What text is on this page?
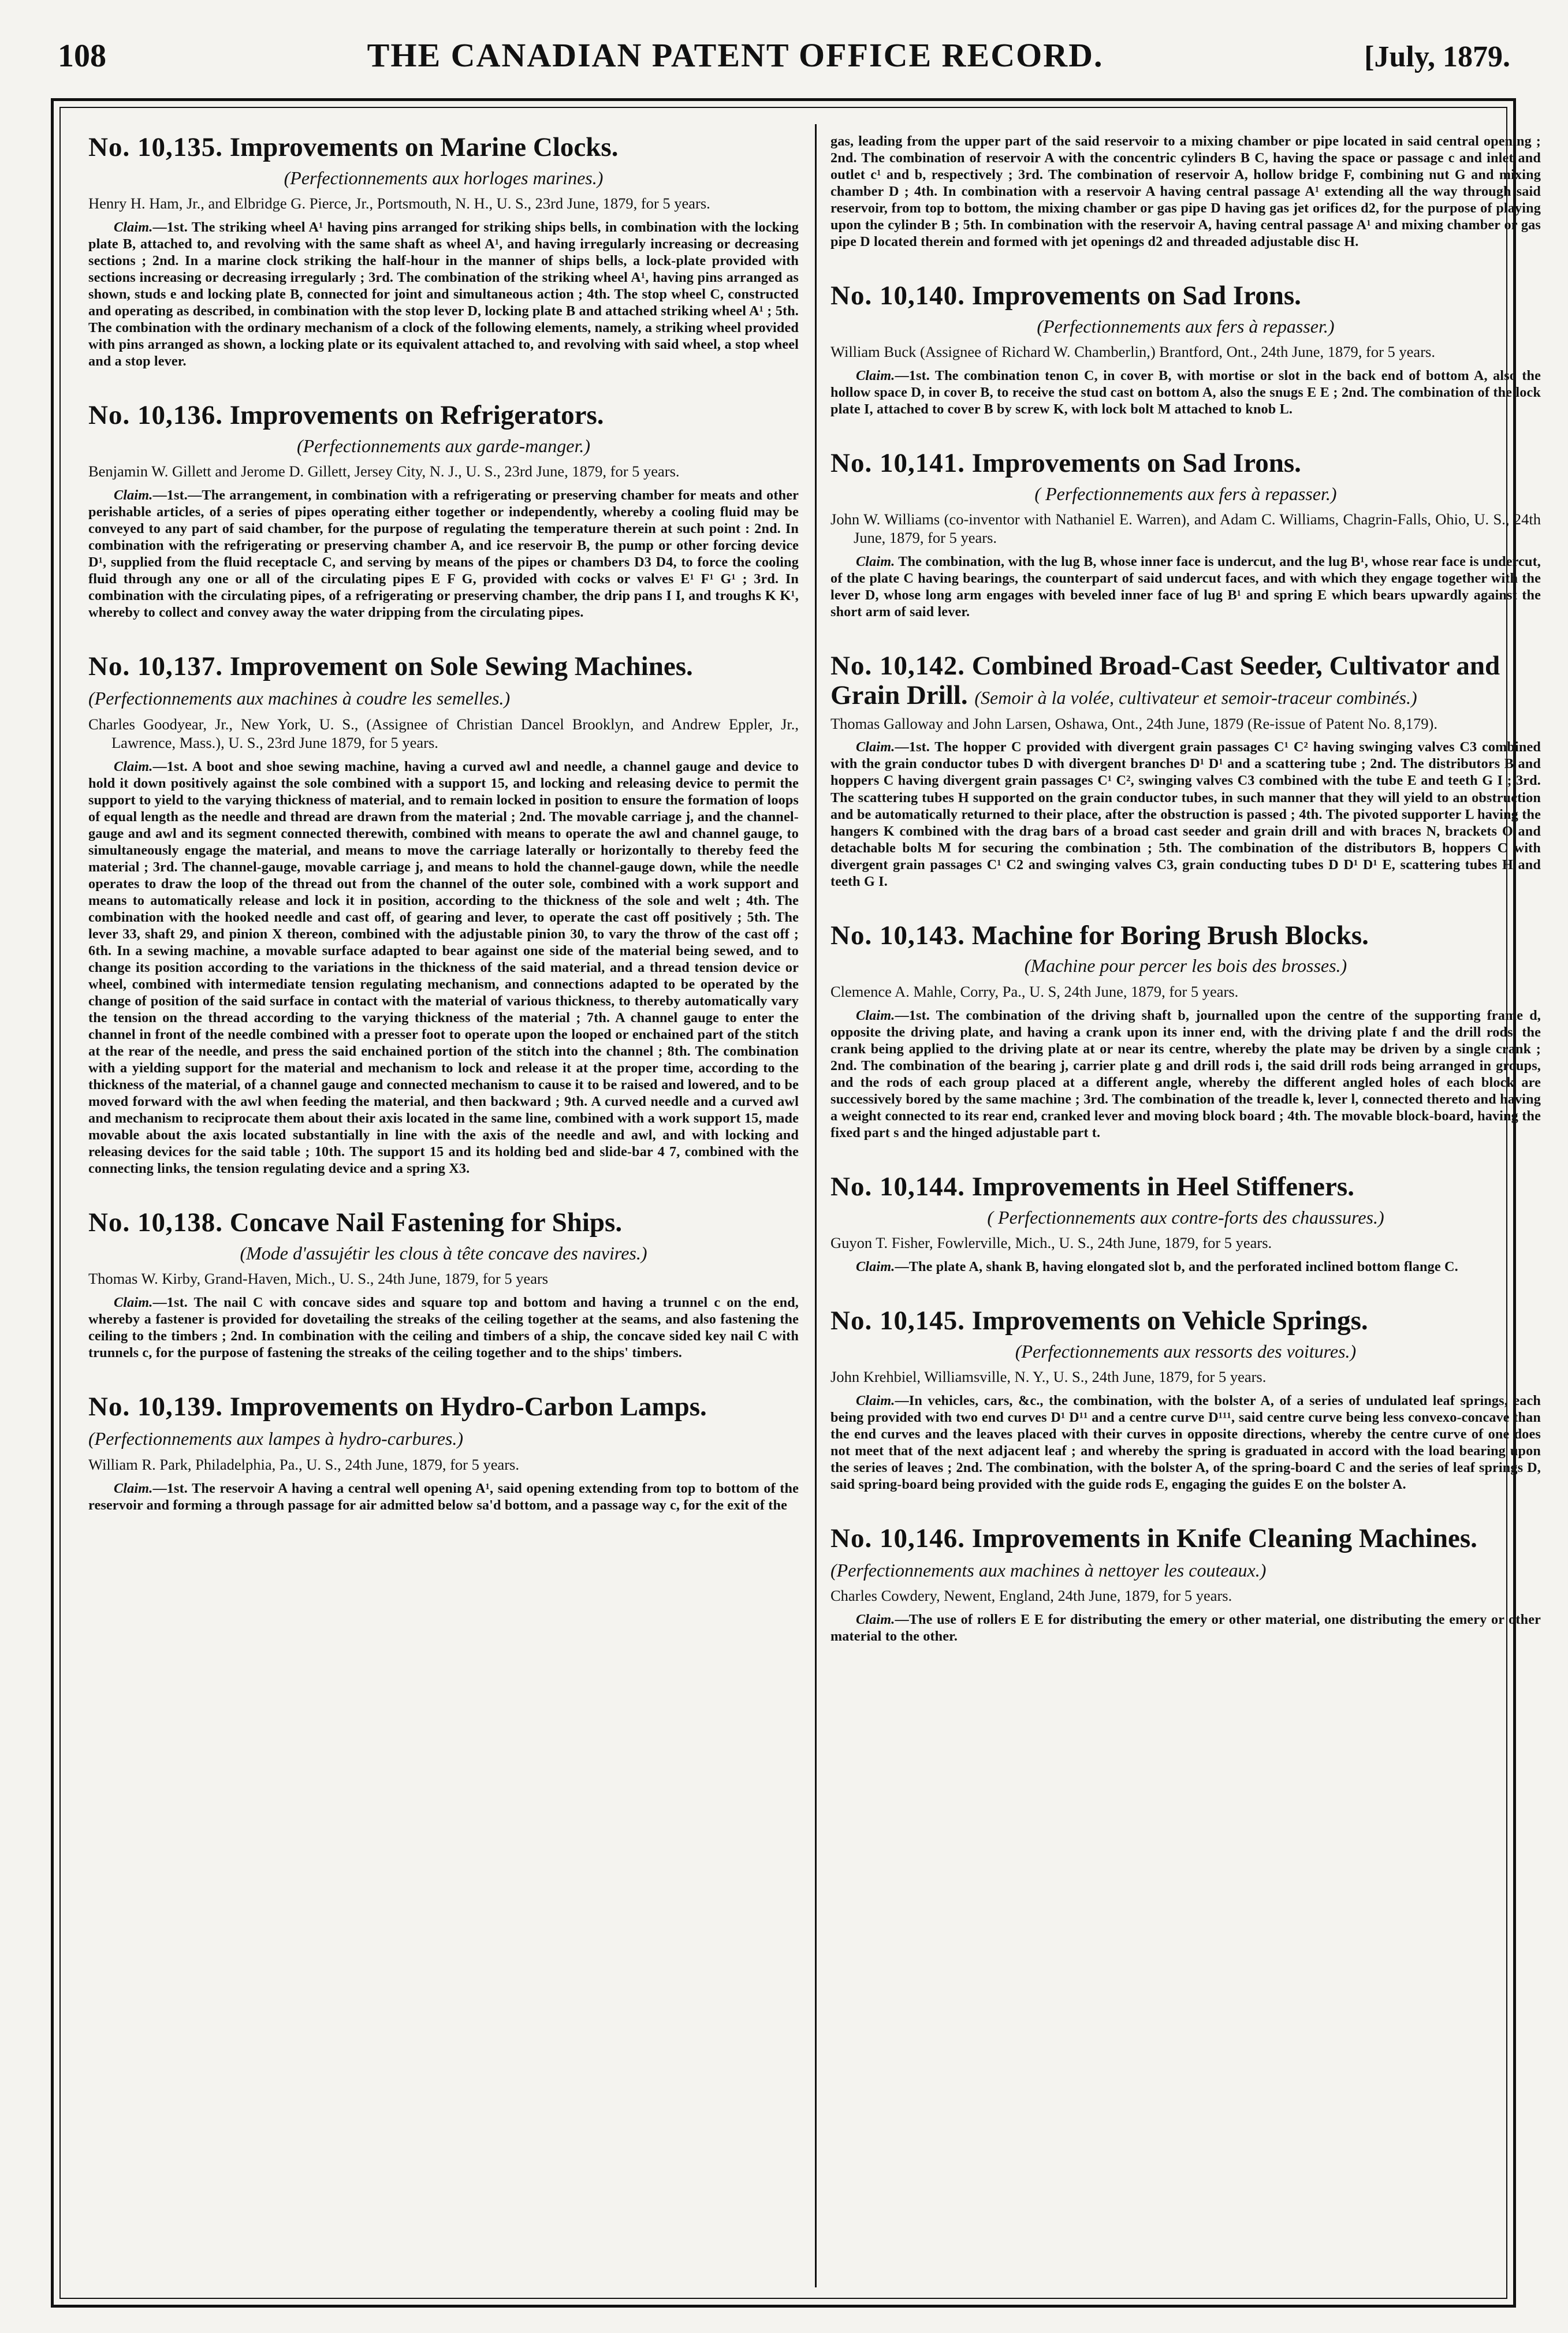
108	THE CANADIAN PATENT OFFICE RECORD.	[July, 1879.
No. 10,135. Improvements on Marine Clocks.
(Perfectionnements aux horloges marines.)

Henry H. Ham, Jr., and Elbridge G. Pierce, Jr., Portsmouth, N. H., U. S., 23rd June, 1879, for 5 years.

Claim.—1st. The striking wheel A¹ having pins arranged for striking ships bells, in combination with the locking plate B, attached to, and revolving with the same shaft as wheel A¹, and having irregularly increasing or decreasing sections ; 2nd. In a marine clock striking the half-hour in the manner of ships bells, a lock-plate provided with sections increasing or decreasing irregularly ; 3rd. The combination of the striking wheel A¹, having pins arranged as shown, studs e and locking plate B, connected for joint and simultaneous action ; 4th. The stop wheel C, constructed and operating as described, in combination with the stop lever D, locking plate B and attached striking wheel A¹ ; 5th. The combination with the ordinary mechanism of a clock of the following elements, namely, a striking wheel provided with pins arranged as shown, a locking plate or its equivalent attached to, and revolving with said wheel, a stop wheel and a stop lever.

No. 10,136. Improvements on Refrigerators.
(Perfectionnements aux garde-manger.)

Benjamin W. Gillett and Jerome D. Gillett, Jersey City, N. J., U. S., 23rd June, 1879, for 5 years.

Claim.—1st.—The arrangement, in combination with a refrigerating or preserving chamber for meats and other perishable articles, of a series of pipes operating either together or independently, whereby a cooling fluid may be conveyed to any part of said chamber, for the purpose of regulating the temperature therein at such point : 2nd. In combination with the refrigerating or preserving chamber A, and ice reservoir B, the pump or other forcing device D¹, supplied from the fluid receptacle C, and serving by means of the pipes or chambers D3 D4, to force the cooling fluid through any one or all of the circulating pipes E F G, provided with cocks or valves E¹ F¹ G¹ ; 3rd. In combination with the circulating pipes, of a refrigerating or preserving chamber, the drip pans I I, and troughs K K¹, whereby to collect and convey away the water dripping from the circulating pipes.

No. 10,137. Improvement on Sole Sewing Machines. (Perfectionnements aux machines à coudre les semelles.)

Charles Goodyear, Jr., New York, U. S., (Assignee of Christian Dancel Brooklyn, and Andrew Eppler, Jr., Lawrence, Mass.), U. S., 23rd June 1879, for 5 years.

Claim.—1st. A boot and shoe sewing machine, having a curved awl and needle, a channel gauge and device to hold it down positively against the sole combined with a support 15, and locking and releasing device to permit the support to yield to the varying thickness of material, and to remain locked in position to ensure the formation of loops of equal length as the needle and thread are drawn from the material ; 2nd. The movable carriage j, and the channel-gauge and awl and its segment connected therewith, combined with means to operate the awl and channel gauge, to simultaneously engage the material, and means to move the carriage laterally or horizontally to thereby feed the material ; 3rd. The channel-gauge, movable carriage j, and means to hold the channel-gauge down, while the needle operates to draw the loop of the thread out from the channel of the outer sole, combined with a work support and means to automatically release and lock it in position, according to the thickness of the sole and welt ; 4th. The combination with the hooked needle and cast off, of gearing and lever, to operate the cast off positively ; 5th. The lever 33, shaft 29, and pinion X thereon, combined with the adjustable pinion 30, to vary the throw of the cast off ; 6th. In a sewing machine, a movable surface adapted to bear against one side of the material being sewed, and to change its position according to the variations in the thickness of the said material, and a thread tension device or wheel, combined with intermediate tension regulating mechanism, and connections adapted to be operated by the change of position of the said surface in contact with the material of various thickness, to thereby automatically vary the tension on the thread according to the varying thickness of the material ; 7th. A channel gauge to enter the channel in front of the needle combined with a presser foot to operate upon the looped or enchained part of the stitch at the rear of the needle, and press the said enchained portion of the stitch into the channel ; 8th. The combination with a yielding support for the material and mechanism to lock and release it at the proper time, according to the thickness of the material, of a channel gauge and connected mechanism to cause it to be raised and lowered, and to be moved forward with the awl when feeding the material, and then backward ; 9th. A curved needle and a curved awl and mechanism to reciprocate them about their axis located in the same line, combined with a work support 15, made movable about the axis located substantially in line with the axis of the needle and awl, and with locking and releasing devices for the said table ; 10th. The support 15 and its holding bed and slide-bar 4 7, combined with the connecting links, the tension regulating device and a spring X3.

No. 10,138. Concave Nail Fastening for Ships.
(Mode d'assujétir les clous à tête concave des navires.)

Thomas W. Kirby, Grand-Haven, Mich., U. S., 24th June, 1879, for 5 years

Claim.—1st. The nail C with concave sides and square top and bottom and having a trunnel c on the end, whereby a fastener is provided for dovetailing the streaks of the ceiling together at the seams, and also fastening the ceiling to the timbers ; 2nd. In combination with the ceiling and timbers of a ship, the concave sided key nail C with trunnels c, for the purpose of fastening the streaks of the ceiling together and to the ships' timbers.

No. 10,139. Improvements on Hydro-Carbon Lamps. (Perfectionnements aux lampes à hydro-carbures.)

William R. Park, Philadelphia, Pa., U. S., 24th June, 1879, for 5 years.

Claim.—1st. The reservoir A having a central well opening A¹, said opening extending from top to bottom of the reservoir and forming a through passage for air admitted below sa'd bottom, and a passage way c, for the exit of the

gas, leading from the upper part of the said reservoir to a mixing chamber or pipe located in said central opening ; 2nd. The combination of reservoir A with the concentric cylinders B C, having the space or passage c and inlet and outlet c¹ and b, respectively ; 3rd. The combination of reservoir A, hollow bridge F, combining nut G and mixing chamber D ; 4th. In combination with a reservoir A having central passage A¹ extending all the way through said reservoir, from top to bottom, the mixing chamber or gas pipe D having gas jet orifices d2, for the purpose of playing upon the cylinder B ; 5th. In combination with the reservoir A, having central passage A¹ and mixing chamber or gas pipe D located therein and formed with jet openings d2 and threaded adjustable disc H.

No. 10,140. Improvements on Sad Irons.
(Perfectionnements aux fers à repasser.)

William Buck (Assignee of Richard W. Chamberlin,) Brantford, Ont., 24th June, 1879, for 5 years.

Claim.—1st. The combination tenon C, in cover B, with mortise or slot in the back end of bottom A, also the hollow space D, in cover B, to receive the stud cast on bottom A, also the snugs E E ; 2nd. The combination of the lock plate I, attached to cover B by screw K, with lock bolt M attached to knob L.

No. 10,141. Improvements on Sad Irons.
( Perfectionnements aux fers à repasser.)

John W. Williams (co-inventor with Nathaniel E. Warren), and Adam C. Williams, Chagrin-Falls, Ohio, U. S., 24th June, 1879, for 5 years.

Claim. The combination, with the lug B, whose inner face is undercut, and the lug B¹, whose rear face is undercut, of the plate C having bearings, the counterpart of said undercut faces, and with which they engage together with the lever D, whose long arm engages with beveled inner face of lug B¹ and spring E which bears upwardly against the short arm of said lever.

No. 10,142. Combined Broad-Cast Seeder, Cultivator and Grain Drill. (Semoir à la volée, cultivateur et semoir-traceur combinés.)

Thomas Galloway and John Larsen, Oshawa, Ont., 24th June, 1879 (Re-issue of Patent No. 8,179).

Claim.—1st. The hopper C provided with divergent grain passages C¹ C² having swinging valves C3 combined with the grain conductor tubes D with divergent branches D¹ D¹ and a scattering tube ; 2nd. The distributors B and hoppers C having divergent grain passages C¹ C², swinging valves C3 combined with the tube E and teeth G I ; 3rd. The scattering tubes H supported on the grain conductor tubes, in such manner that they will yield to an obstruction and be automatically returned to their place, after the obstruction is passed ; 4th. The pivoted supporter L having the hangers K combined with the drag bars of a broad cast seeder and grain drill and with braces N, brackets O and detachable bolts M for securing the combination ; 5th. The combination of the distributors B, hoppers C with divergent grain passages C¹ C2 and swinging valves C3, grain conducting tubes D D¹ D¹ E, scattering tubes H and teeth G I.

No. 10,143. Machine for Boring Brush Blocks.
(Machine pour percer les bois des brosses.)

Clemence A. Mahle, Corry, Pa., U. S, 24th June, 1879, for 5 years.

Claim.—1st. The combination of the driving shaft b, journalled upon the centre of the supporting frame d, opposite the driving plate, and having a crank upon its inner end, with the driving plate f and the drill rods, the crank being applied to the driving plate at or near its centre, whereby the plate may be driven by a single crank ; 2nd. The combination of the bearing j, carrier plate g and drill rods i, the said drill rods being arranged in groups, and the rods of each group placed at a different angle, whereby the different angled holes of each block are successively bored by the same machine ; 3rd. The combination of the treadle k, lever l, connected thereto and having a weight connected to its rear end, cranked lever and moving block board ; 4th. The movable block-board, having the fixed part s and the hinged adjustable part t.

No. 10,144. Improvements in Heel Stiffeners.
( Perfectionnements aux contre-forts des chaussures.)

Guyon T. Fisher, Fowlerville, Mich., U. S., 24th June, 1879, for 5 years.

Claim.—The plate A, shank B, having elongated slot b, and the perforated inclined bottom flange C.

No. 10,145. Improvements on Vehicle Springs.
(Perfectionnements aux ressorts des voitures.)

John Krehbiel, Williamsville, N. Y., U. S., 24th June, 1879, for 5 years.

Claim.—In vehicles, cars, &c., the combination, with the bolster A, of a series of undulated leaf springs, each being provided with two end curves D¹ D¹¹ and a centre curve D¹¹¹, said centre curve being less convexo-concave than the end curves and the leaves placed with their curves in opposite directions, whereby the centre curve of one does not meet that of the next adjacent leaf ; and whereby the spring is graduated in accord with the load bearing upon the series of leaves ; 2nd. The combination, with the bolster A, of the spring-board C and the series of leaf springs D, said spring-board being provided with the guide rods E, engaging the guides E on the bolster A.

No. 10,146. Improvements in Knife Cleaning Machines. (Perfectionnements aux machines à nettoyer les couteaux.)

Charles Cowdery, Newent, England, 24th June, 1879, for 5 years.

Claim.—The use of rollers E E for distributing the emery or other material, one distributing the emery or other material to the other.
